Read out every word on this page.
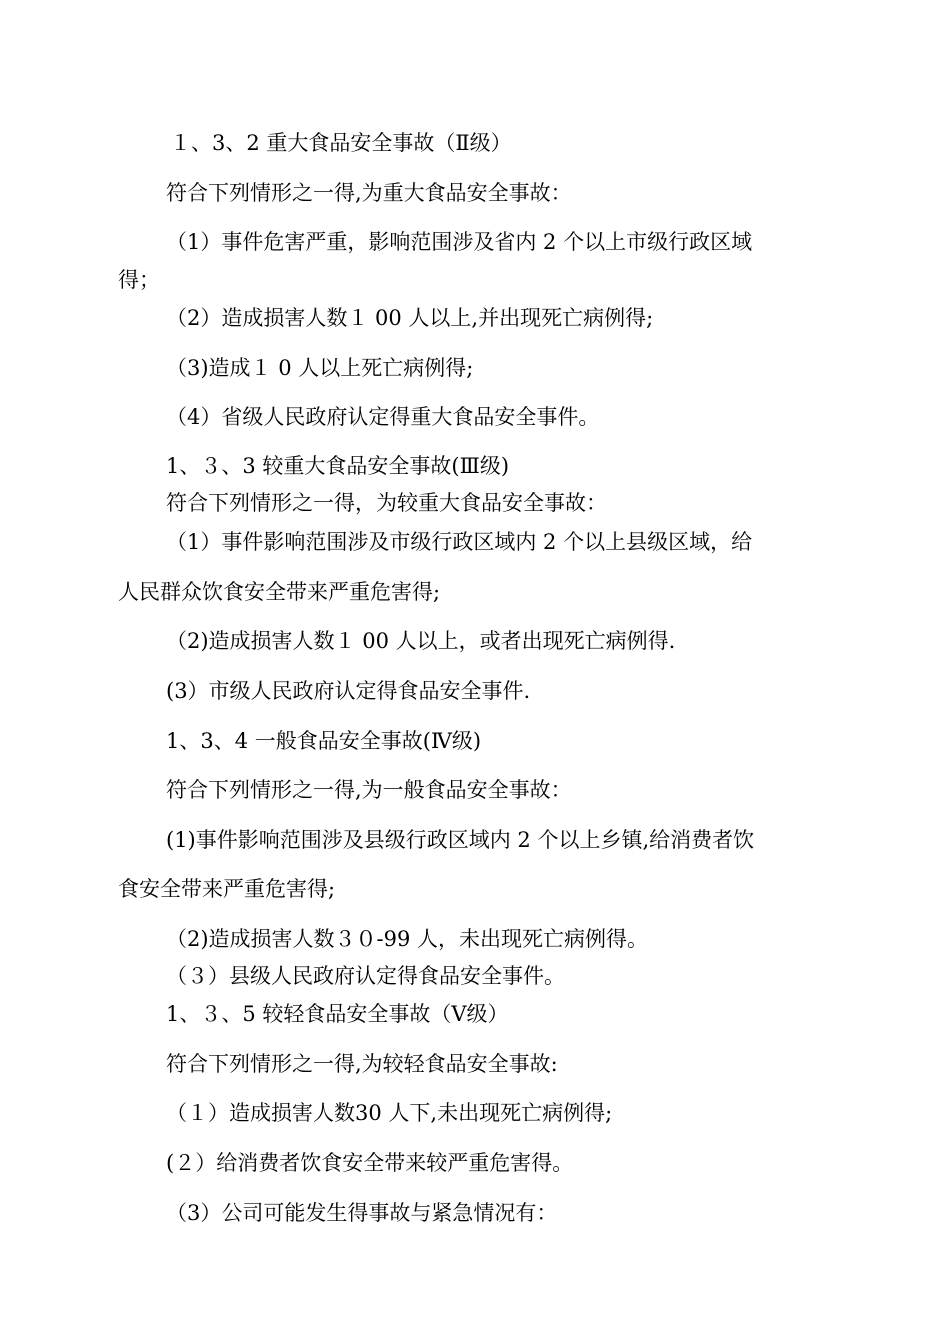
１、3、2 重大食品安全事故（Ⅱ级）
符合下列情形之一得,为重大食品安全事故：
（1）事件危害严重，影响范围涉及省内 2 个以上市级行政区域
得；
（2）造成损害人数１ 00 人以上,并出现死亡病例得;
（3)造成１ 0 人以上死亡病例得;
（4）省级人民政府认定得重大食品安全事件。
1、３、3 较重大食品安全事故(Ⅲ级)
符合下列情形之一得，为较重大食品安全事故：
（1）事件影响范围涉及市级行政区域内 2 个以上县级区域，给
人民群众饮食安全带来严重危害得;
（2)造成损害人数１ 00 人以上，或者出现死亡病例得.
(3）市级人民政府认定得食品安全事件.
1、3、4 一般食品安全事故(Ⅳ级)
符合下列情形之一得,为一般食品安全事故：
(1)事件影响范围涉及县级行政区域内 2 个以上乡镇,给消费者饮
食安全带来严重危害得;
（2)造成损害人数３０-99 人，未出现死亡病例得。
（３）县级人民政府认定得食品安全事件。
1、３、5 较轻食品安全事故（Ⅴ级）
符合下列情形之一得,为较轻食品安全事故:
（１）造成损害人数30 人下,未出现死亡病例得;
(２）给消费者饮食安全带来较严重危害得。
（3）公司可能发生得事故与紧急情况有：
